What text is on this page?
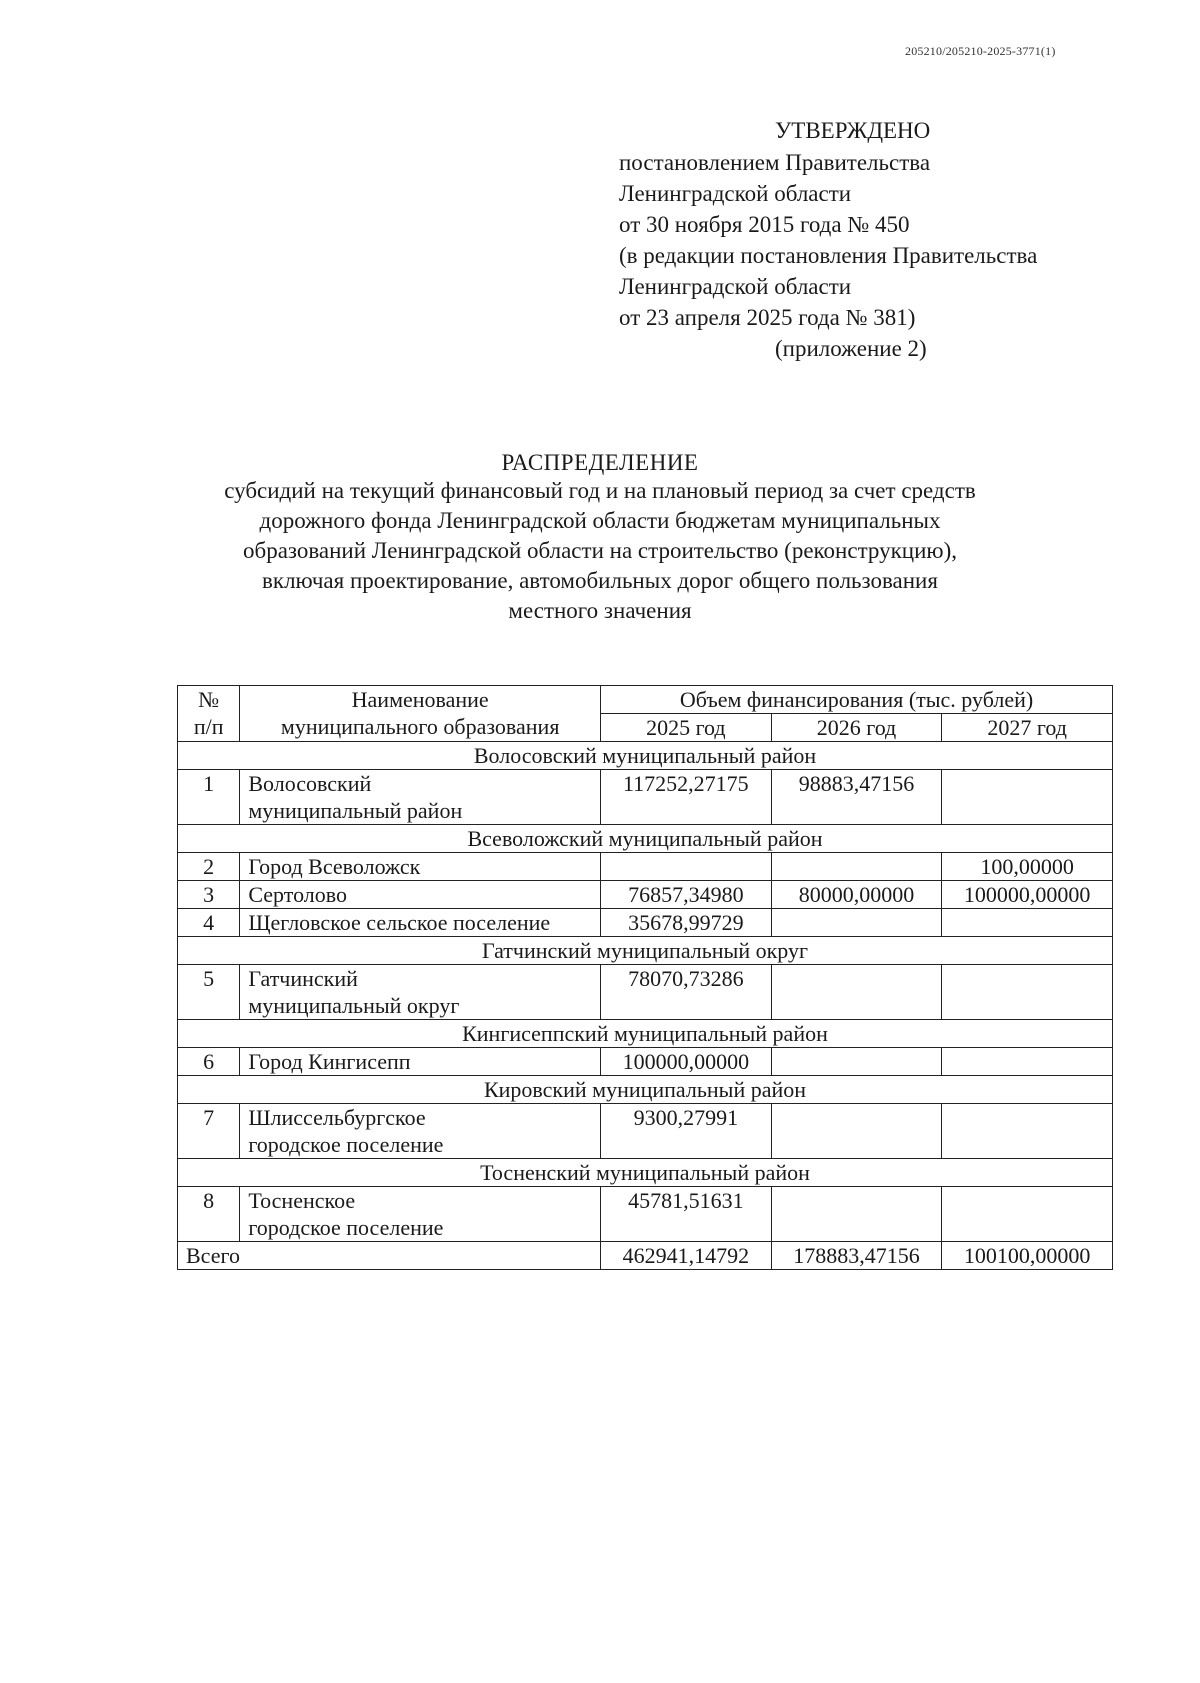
205210/205210-2025-3771(1)
УТВЕРЖДЕНО
постановлением Правительства
Ленинградской области
от 30 ноября 2015 года № 450
(в редакции постановления Правительства
Ленинградской области
от 23 апреля 2025 года № 381)
(приложение 2)
РАСПРЕДЕЛЕНИЕ
субсидий на текущий финансовый год и на плановый период за счет средств
дорожного фонда Ленинградской области бюджетам муниципальных
образований Ленинградской области на строительство (реконструкцию),
включая проектирование, автомобильных дорог общего пользования
местного значения
№
п/п	Наименование
муниципального образования	Объем финансирования (тыс. рублей)		
		2025 год	2026 год	2027 год
Волосовский муниципальный район				
1	Волосовский
муниципальный район	117252,27175	98883,47156	
Всеволожский муниципальный район				
2	Город Всеволожск			100,00000
3	Сертолово	76857,34980	80000,00000	100000,00000
4	Щегловское сельское поселение	35678,99729		
Гатчинский муниципальный округ				
5	Гатчинский
муниципальный округ	78070,73286		
Кингисеппский муниципальный район				
6	Город Кингисепп	100000,00000		
Кировский муниципальный район				
7	Шлиссельбургское
городское поселение	9300,27991		
Тосненский муниципальный район				
8	Тосненское
городское поселение	45781,51631		
Всего		462941,14792	178883,47156	100100,00000
